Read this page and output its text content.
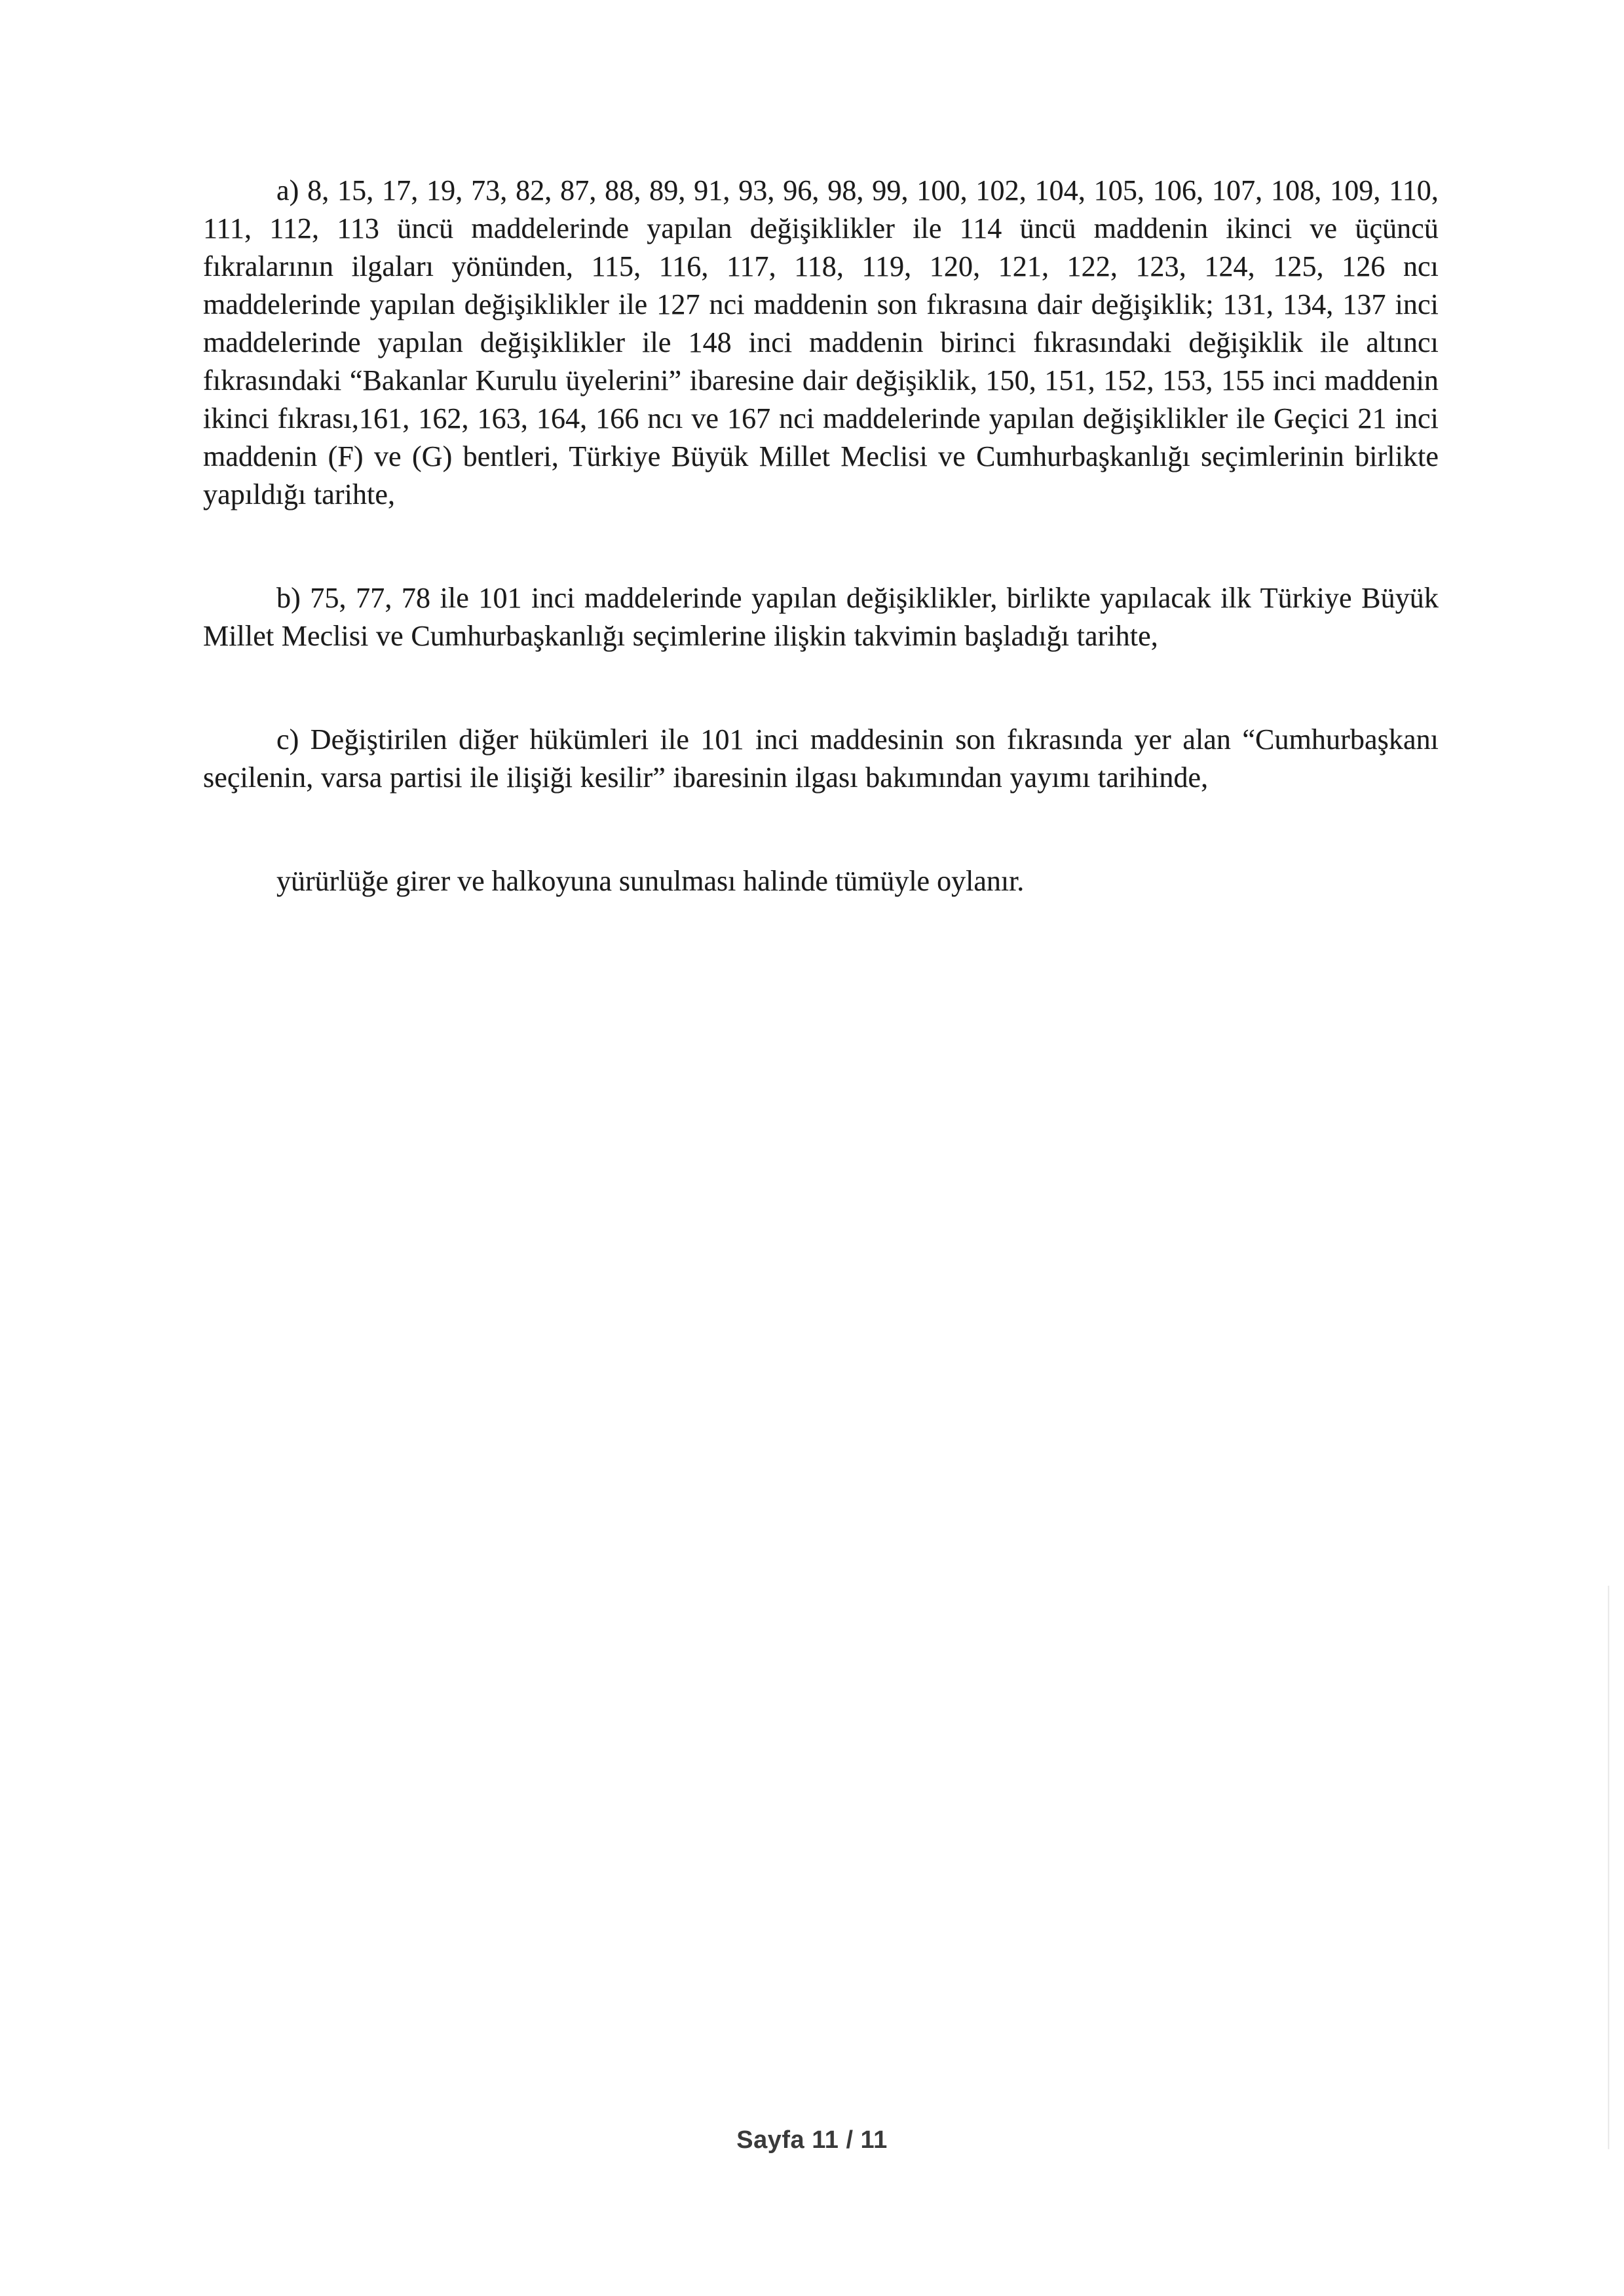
a) 8, 15, 17, 19, 73, 82, 87, 88, 89, 91, 93, 96, 98, 99, 100, 102, 104, 105, 106, 107, 108, 109, 110, 111, 112, 113 üncü maddelerinde yapılan değişiklikler ile 114 üncü maddenin ikinci ve üçüncü fıkralarının ilgaları yönünden, 115, 116, 117, 118, 119, 120, 121, 122, 123, 124, 125, 126 ncı maddelerinde yapılan değişiklikler ile 127 nci maddenin son fıkrasına dair değişiklik; 131, 134, 137 inci maddelerinde yapılan değişiklikler ile 148 inci maddenin birinci fıkrasındaki değişiklik ile altıncı fıkrasındaki “Bakanlar Kurulu üyelerini” ibaresine dair değişiklik, 150, 151, 152, 153, 155 inci maddenin ikinci fıkrası,161, 162, 163, 164, 166 ncı ve 167 nci maddelerinde yapılan değişiklikler ile Geçici 21 inci maddenin (F) ve (G) bentleri, Türkiye Büyük Millet Meclisi ve Cumhurbaşkanlığı seçimlerinin birlikte yapıldığı tarihte,

b) 75, 77, 78 ile 101 inci maddelerinde yapılan değişiklikler, birlikte yapılacak ilk Türkiye Büyük Millet Meclisi ve Cumhurbaşkanlığı seçimlerine ilişkin takvimin başladığı tarihte,

c) Değiştirilen diğer hükümleri ile 101 inci maddesinin son fıkrasında yer alan “Cumhurbaşkanı seçilenin, varsa partisi ile ilişiği kesilir” ibaresinin ilgası bakımından yayımı tarihinde,

yürürlüğe girer ve halkoyuna sunulması halinde tümüyle oylanır.

Sayfa 11 / 11
